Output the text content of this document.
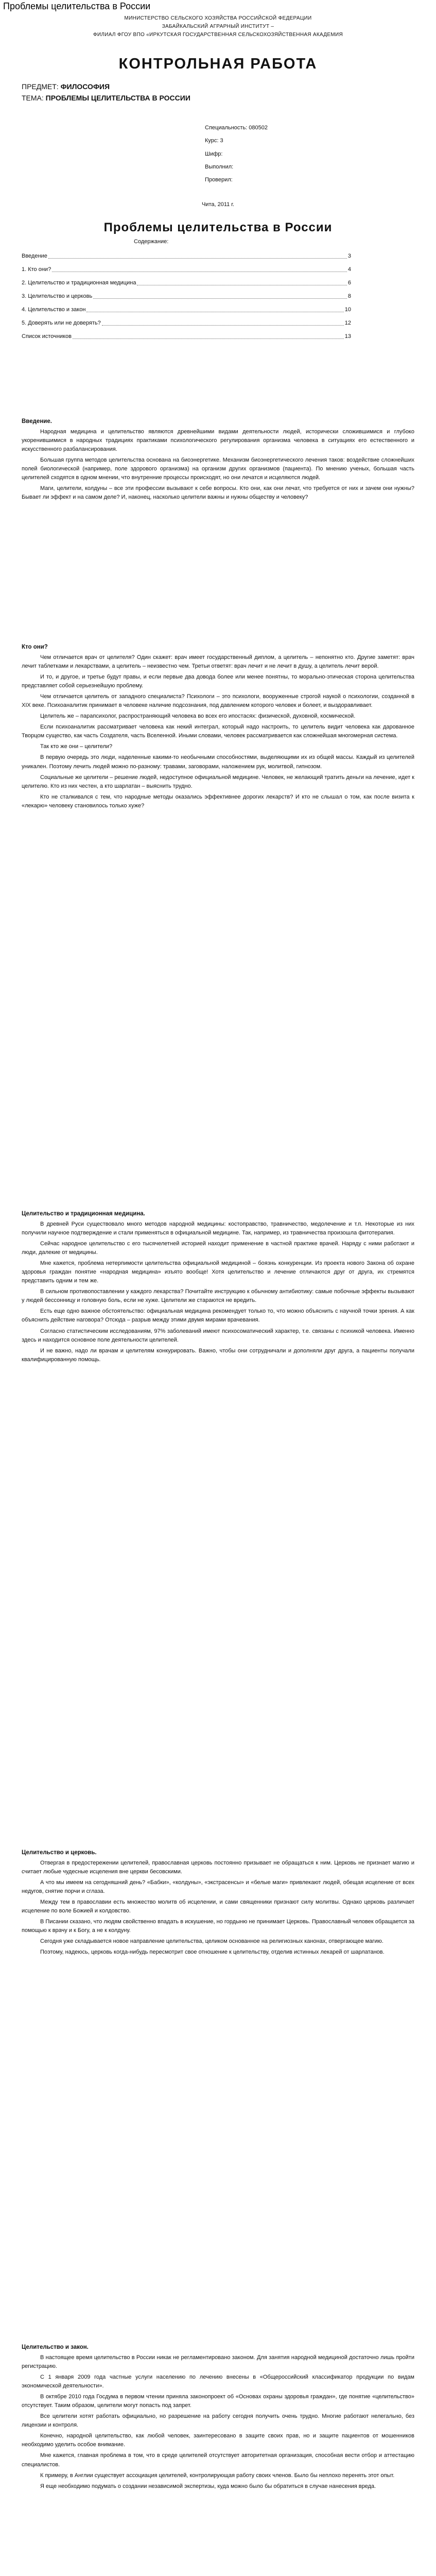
Проблемы целительства в России
МИНИСТЕРСТВО СЕЛЬСКОГО ХОЗЯЙСТВА РОССИЙСКОЙ ФЕДЕРАЦИИ
ЗАБАЙКАЛЬСКИЙ АГРАРНЫЙ ИНСТИТУТ –
ФИЛИАЛ ФГОУ ВПО «ИРКУТСКАЯ ГОСУДАРСТВЕННАЯ СЕЛЬСКОХОЗЯЙСТВЕННАЯ АКАДЕМИЯ
КОНТРОЛЬНАЯ РАБОТА
ПРЕДМЕТ: ФИЛОСОФИЯ
ТЕМА: ПРОБЛЕМЫ ЦЕЛИТЕЛЬСТВА В РОССИИ
Специальность: 080502
Курс: 3
Шифр:
Выполнил:
Проверил:
Чита, 2011 г.
Проблемы целительства в России
Содержание:
Введение	3
1. Кто они?	4
2. Целительство и традиционная медицина	6
3. Целительство и церковь	8
4. Целительство и закон	10
5. Доверять или не доверять?	12
Список источников	13
Введение.

Народная медицина и целительство являются древнейшими видами деятельности людей, исторически сложившимися и глубоко укоренившимися в народных традициях практиками психологического регулирования организма человека в ситуациях его естественного и искусственного разбалансирования.

Большая группа методов целительства основана на биоэнергетике. Механизм биоэнергетического лечения таков: воздействие сложнейших полей биологической (например, поле здорового организма) на организм других организмов (пациента). По мнению ученых, большая часть целителей сходятся в одном мнении, что внутренние процессы происходят, но они лечатся и исцеляются людей.

Маги, целители, колдуны – все эти профессии вызывают к себе вопросы. Кто они, как они лечат, что требуется от них и зачем они нужны? Бывает ли эффект и на самом деле? И, наконец, насколько целители важны и нужны обществу и человеку?

Кто они?

Чем отличается врач от целителя? Один скажет: врач имеет государственный диплом, а целитель – непонятно кто. Другие заметят: врач лечит таблетками и лекарствами, а целитель – неизвестно чем. Третьи ответят: врач лечит и не лечит в душу, а целитель лечит верой.

И то, и другое, и третье будут правы, и если первые два довода более или менее понятны, то морально-этическая сторона целительства представляет собой серьезнейшую проблему.

Чем отличается целитель от западного специалиста? Психологи – это психологи, вооруженные строгой наукой о психологии, созданной в XIX веке. Психоаналитик принимает в человеке наличие подсознания, под давлением которого человек и болеет, и выздоравливает.

Целитель же – парапсихолог, распространяющий человека во всех его ипостасях: физической, духовной, космической.

Если психоаналитик рассматривает человека как некий интеграл, который надо настроить, то целитель видит человека как дарованное Творцом существо, как часть Создателя, часть Вселенной. Иными словами, человек рассматривается как сложнейшая многомерная система.

Так кто же они – целители?

В первую очередь это люди, наделенные какими-то необычными способностями, выделяющими их из общей массы. Каждый из целителей уникален. Поэтому лечить людей можно по-разному: травами, заговорами, наложением рук, молитвой, гипнозом.

Социальные же целители – решение людей, недоступное официальной медицине. Человек, не желающий тратить деньги на лечение, идет к целителю. Кто из них честен, а кто шарлатан – выяснить трудно.

Кто не сталкивался с тем, что народные методы оказались эффективнее дорогих лекарств? И кто не слышал о том, как после визита к «лекарю» человеку становилось только хуже?

Целительство и традиционная медицина.

В древней Руси существовало много методов народной медицины: костоправство, травничество, медолечение и т.п. Некоторые из них получили научное подтверждение и стали применяться в официальной медицине. Так, например, из травничества произошла фитотерапия.

Сейчас народное целительство с его тысячелетней историей находит применение в частной практике врачей. Наряду с ними работают и люди, далекие от медицины.

Мне кажется, проблема нетерпимости целительства официальной медициной – боязнь конкуренции. Из проекта нового Закона об охране здоровья граждан понятие «народная медицина» изъято вообще! Хотя целительство и лечение отличаются друг от друга, их стремятся представить одним и тем же.

В сильном противопоставлении у каждого лекарства? Почитайте инструкцию к обычному антибиотику: самые побочные эффекты вызывают у людей бессонницу и головную боль, если не хуже. Целители же стараются не вредить.

Есть еще одно важное обстоятельство: официальная медицина рекомендует только то, что можно объяснить с научной точки зрения. А как объяснить действие наговора? Отсюда – разрыв между этими двумя мирами врачевания.

Согласно статистическим исследованиям, 97% заболеваний имеют психосоматический характер, т.е. связаны с психикой человека. Именно здесь и находится основное поле деятельности целителей.

И не важно, надо ли врачам и целителям конкурировать. Важно, чтобы они сотрудничали и дополняли друг друга, а пациенты получали квалифицированную помощь.

Целительство и церковь.

Отвергая в предостережении целителей, православная церковь постоянно призывает не обращаться к ним. Церковь не признает магию и считает любые чудесные исцеления вне церкви бесовскими.

А что мы имеем на сегодняшний день? «Бабки», «колдуны», «экстрасенсы» и «белые маги» привлекают людей, обещая исцеление от всех недугов, снятие порчи и сглаза.

Между тем в православии есть множество молитв об исцелении, и сами священники признают силу молитвы. Однако церковь различает исцеление по воле Божией и колдовство.

В Писании сказано, что людям свойственно впадать в искушение, но гордыню не принимает Церковь. Православный человек обращается за помощью к врачу и к Богу, а не к колдуну.

Сегодня уже складывается новое направление целительства, целиком основанное на религиозных канонах, отвергающее магию.

Поэтому, надеюсь, церковь когда-нибудь пересмотрит свое отношение к целительству, отделив истинных лекарей от шарлатанов.

Целительство и закон.

В настоящее время целительство в России никак не регламентировано законом. Для занятия народной медициной достаточно лишь пройти регистрацию.

С 1 января 2009 года частные услуги населению по лечению внесены в «Общероссийский классификатор продукции по видам экономической деятельности».

В октябре 2010 года Госдума в первом чтении приняла законопроект об «Основах охраны здоровья граждан», где понятие «целительство» отсутствует. Таким образом, целители могут попасть под запрет.

Все целители хотят работать официально, но разрешение на работу сегодня получить очень трудно. Многие работают нелегально, без лицензии и контроля.

Конечно, народной целительство, как любой человек, заинтересовано в защите своих прав, но и защите пациентов от мошенников необходимо уделить особое внимание.

Мне кажется, главная проблема в том, что в среде целителей отсутствует авторитетная организация, способная вести отбор и аттестацию специалистов.

К примеру, в Англии существует ассоциация целителей, контролирующая работу своих членов. Было бы неплохо перенять этот опыт.

Я еще необходимо подумать о создании независимой экспертизы, куда можно было бы обратиться в случае нанесения вреда.
